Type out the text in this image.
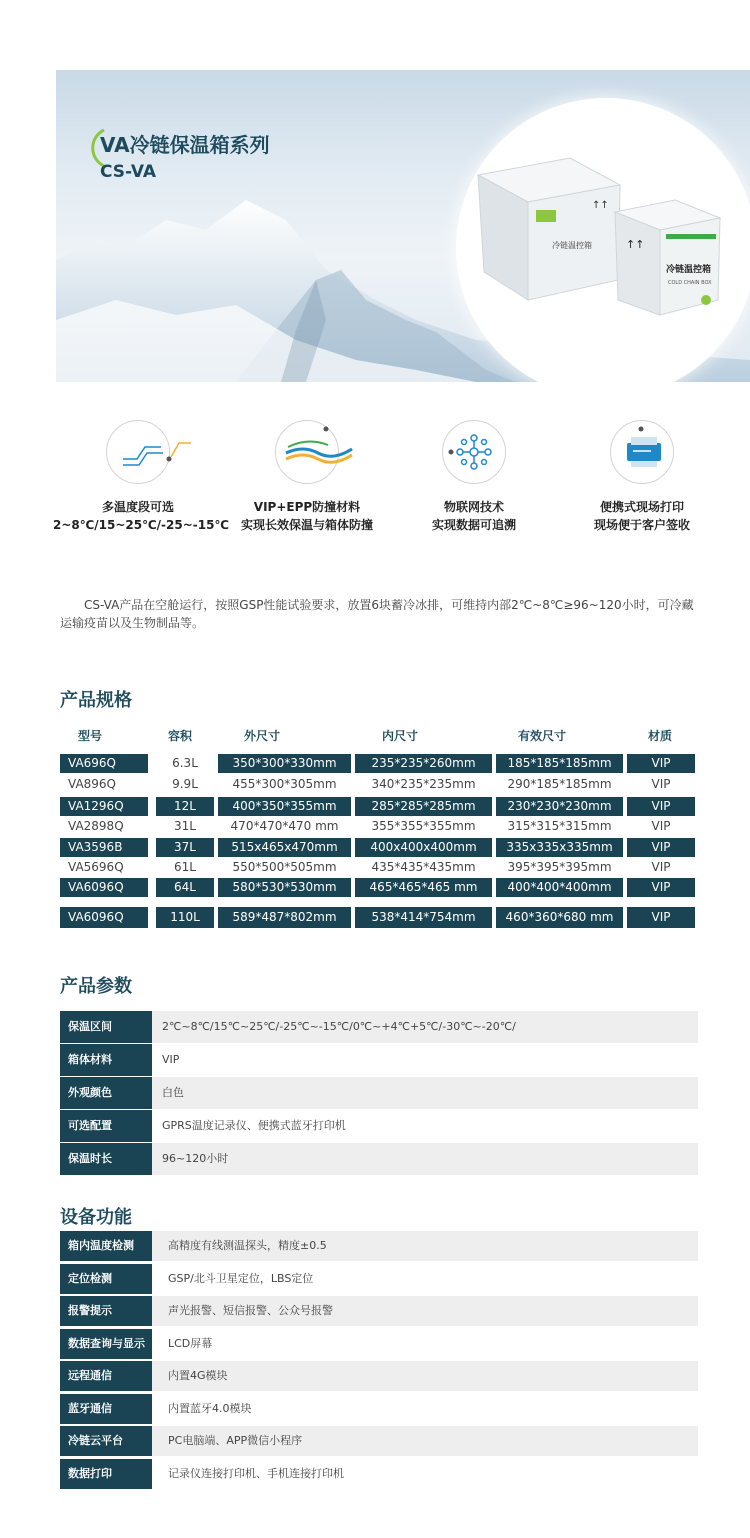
VA冷链保温箱系列
CS-VA
冷链温控箱
↑↑
冷链温控箱
COLD CHAIN BOX
↑↑
多温度段可选
2~8℃/15~25℃/-25~-15℃
VIP+EPP防撞材料
实现长效保温与箱体防撞
物联网技术
实现数据可追溯
便携式现场打印
现场便于客户签收
CS-VA产品在空舱运行，按照GSP性能试验要求，放置6块蓄冷冰排，可维持内部2℃~8℃≥96~120小时，可冷藏运输疫苗以及生物制品等。
产品规格
型号	容积	外尺寸	内尺寸	有效尺寸	材质
VA696Q	6.3L	350*300*330mm	235*235*260mm	185*185*185mm	VIP
VA896Q	9.9L	455*300*305mm	340*235*235mm	290*185*185mm	VIP
VA1296Q	12L	400*350*355mm	285*285*285mm	230*230*230mm	VIP
VA2898Q	31L	470*470*470 mm	355*355*355mm	315*315*315mm	VIP
VA3596B	37L	515x465x470mm	400x400x400mm	335x335x335mm	VIP
VA5696Q	61L	550*500*505mm	435*435*435mm	395*395*395mm	VIP
VA6096Q	64L	580*530*530mm	465*465*465 mm	400*400*400mm	VIP
VA6096Q	110L	589*487*802mm	538*414*754mm	460*360*680 mm	VIP
产品参数
保温区间	2℃~8℃/15℃~25℃/-25℃~-15℃/0℃~+4℃+5℃/-30℃~-20℃/
箱体材料	VIP
外观颜色	白色
可选配置	GPRS温度记录仪、便携式蓝牙打印机
保温时长	96~120小时
设备功能
箱内温度检测	高精度有线测温探头，精度±0.5
定位检测	GSP/北斗卫星定位，LBS定位
报警提示	声光报警、短信报警、公众号报警
数据查询与显示	LCD屏幕
远程通信	内置4G模块
蓝牙通信	内置蓝牙4.0模块
冷链云平台	PC电脑端、APP微信小程序
数据打印	记录仪连接打印机、手机连接打印机
